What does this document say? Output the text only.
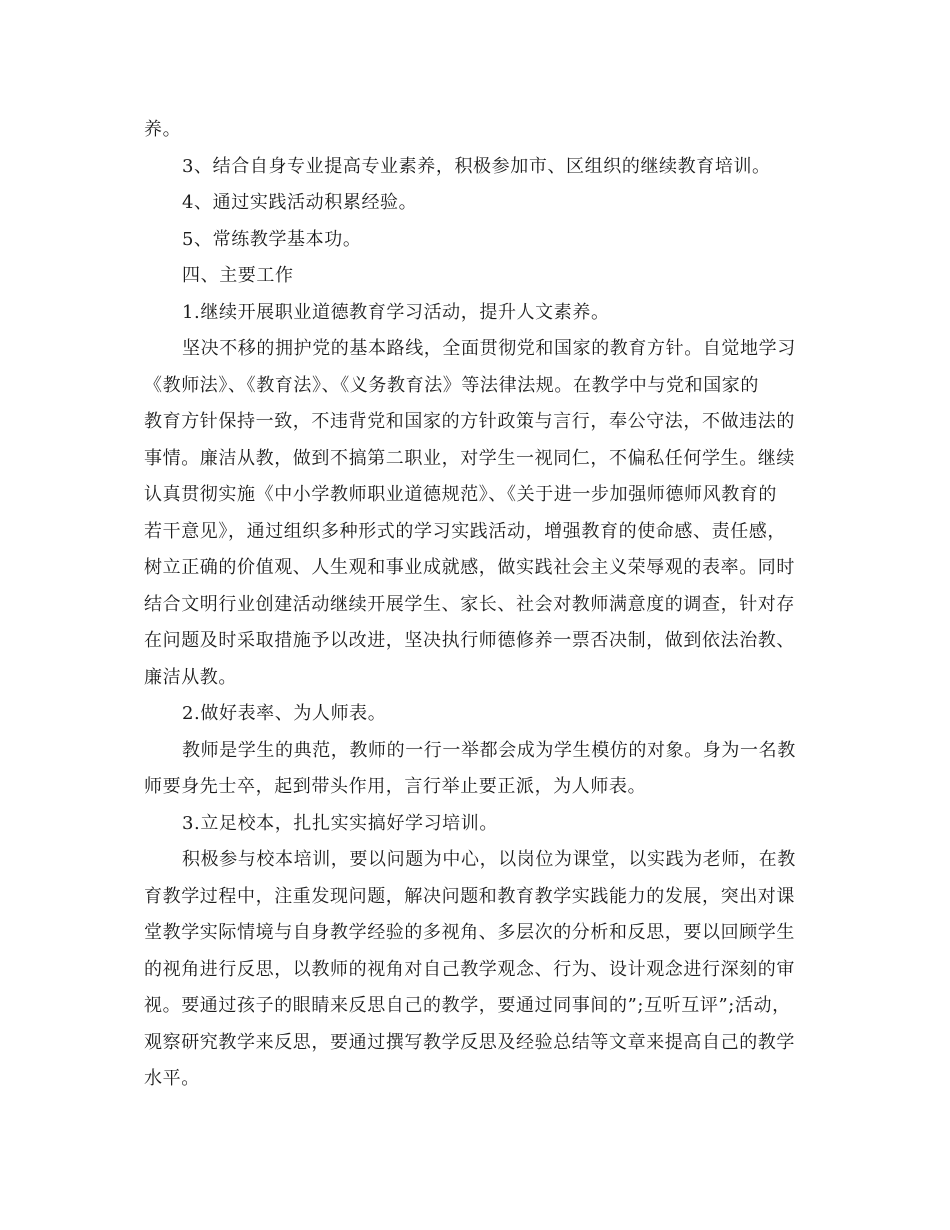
养。

3、结合自身专业提高专业素养，积极参加市、区组织的继续教育培训。

4、通过实践活动积累经验。

5、常练教学基本功。

四、主要工作

1.继续开展职业道德教育学习活动，提升人文素养。

坚决不移的拥护党的基本路线，全面贯彻党和国家的教育方针。自觉地学习

《教师法》、《教育法》、《义务教育法》等法律法规。在教学中与党和国家的

教育方针保持一致，不违背党和国家的方针政策与言行，奉公守法，不做违法的

事情。廉洁从教，做到不搞第二职业，对学生一视同仁，不偏私任何学生。继续

认真贯彻实施《中小学教师职业道德规范》、《关于进一步加强师德师风教育的

若干意见》，通过组织多种形式的学习实践活动，增强教育的使命感、责任感，

树立正确的价值观、人生观和事业成就感，做实践社会主义荣辱观的表率。同时

结合文明行业创建活动继续开展学生、家长、社会对教师满意度的调查，针对存

在问题及时采取措施予以改进，坚决执行师德修养一票否决制，做到依法治教、

廉洁从教。

2.做好表率、为人师表。

教师是学生的典范，教师的一行一举都会成为学生模仿的对象。身为一名教

师要身先士卒，起到带头作用，言行举止要正派，为人师表。

3.立足校本，扎扎实实搞好学习培训。

积极参与校本培训，要以问题为中心，以岗位为课堂，以实践为老师，在教

育教学过程中，注重发现问题，解决问题和教育教学实践能力的发展，突出对课

堂教学实际情境与自身教学经验的多视角、多层次的分析和反思，要以回顾学生

的视角进行反思，以教师的视角对自己教学观念、行为、设计观念进行深刻的审

视。要通过孩子的眼睛来反思自己的教学，要通过同事间的”;互听互评”;活动，

观察研究教学来反思，要通过撰写教学反思及经验总结等文章来提高自己的教学

水平。
